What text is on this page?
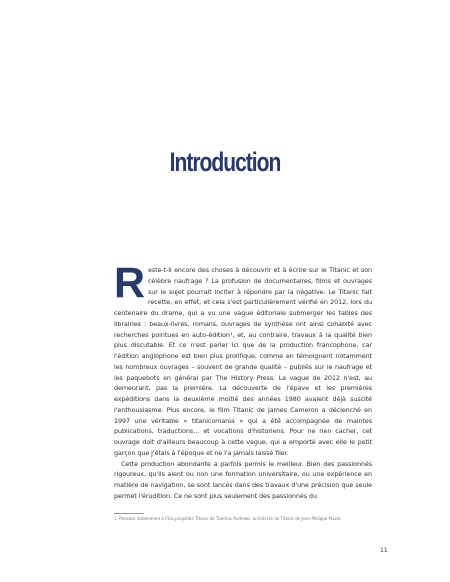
Introduction

Reste-t-il encore des choses à découvrir et à écrire sur le Titanic et son célèbre naufrage ? La profusion de documentaires, films et ouvrages sur le sujet pourrait inciter à répondre par la négative. Le Titanic fait recette, en effet, et cela s'est particulièrement vérifié en 2012, lors du centenaire du drame, qui a vu une vague éditoriale submerger les tables des librairies : beaux-livres, romans, ouvrages de synthèse ont ainsi cohabité avec recherches pointues en auto-édition¹, et, au contraire, travaux à la qualité bien plus discutable. Et ce n'est parler ici que de la production francophone, car l'édition anglophone est bien plus prolifique, comme en témoignent notamment les nombreux ouvrages – souvent de grande qualité – publiés sur le naufrage et les paquebots en général par The History Press. La vague de 2012 n'est, au demeurant, pas la première. La découverte de l'épave et les premières expéditions dans la deuxième moitié des années 1980 avaient déjà suscité l'enthousiasme. Plus encore, le film Titanic de James Cameron a déclenché en 1997 une véritable « titanicomania » qui a été accompagnée de maintes publications, traductions… et vocations d'historiens. Pour ne rien cacher, cet ouvrage doit d'ailleurs beaucoup à cette vague, qui a emporté avec elle le petit garçon que j'étais à l'époque et ne l'a jamais laissé filer.

Cette production abondante a parfois permis le meilleur. Bien des passionnés rigoureux, qu'ils aient ou non une formation universitaire, ou une expérience en matière de navigation, se sont lancés dans des travaux d'une précision que seule permet l'érudition. Ce ne sont plus seulement des passionnés du

1. Pensons notamment à l'Encyclopédie Titanic de Thomas Andrews, architecte du Titanic de Jean-Philippe Mazet.
11
